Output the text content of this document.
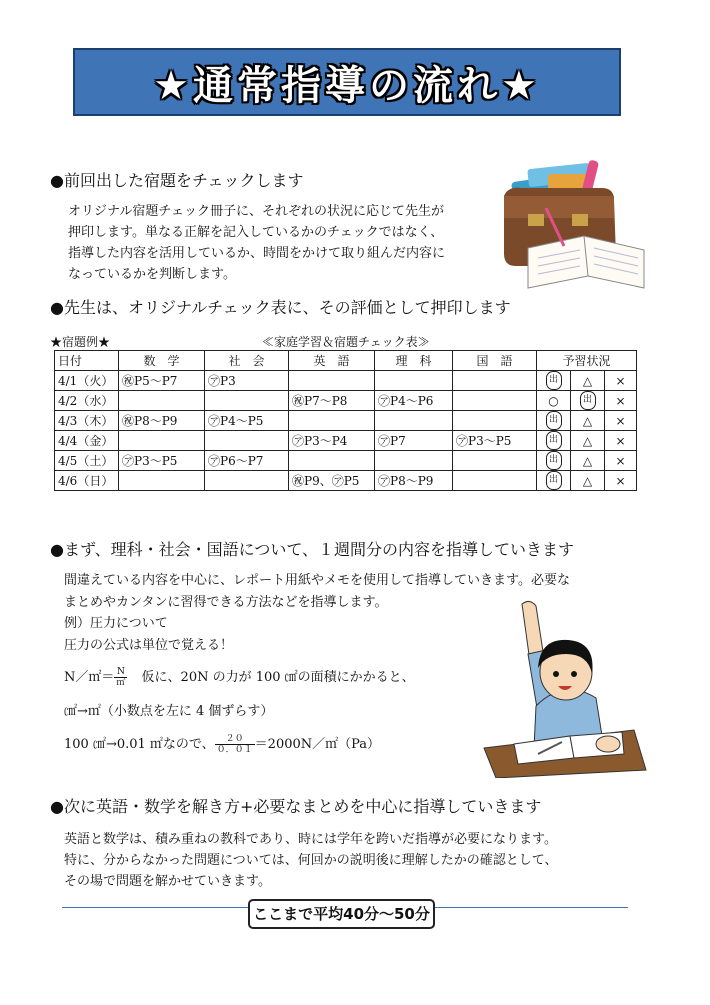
★通常指導の流れ★
●前回出した宿題をチェックします
オリジナル宿題チェック冊子に、それぞれの状況に応じて先生が
押印します。単なる正解を記入しているかのチェックではなく、
指導した内容を活用しているか、時間をかけて取り組んだ内容に
なっているかを判断します。
●先生は、オリジナルチェック表に、その評価として押印します
★宿題例★	≪家庭学習＆宿題チェック表≫
日付	数　学	社　会	英　語	理　科	国　語	予習状況		
4/1（火）	㊗P5～P7	㋐P3				出	△	×
4/2（水）			㊗P7～P8	㋐P4～P6		○	出	×
4/3（木）	㊗P8～P9	㋐P4～P5				出	△	×
4/4（金）			㋐P3～P4	㋐P7	㋐P3～P5	出	△	×
4/5（土）	㋐P3～P5	㋐P6～P7				出	△	×
4/6（日）			㊗P9、㋐P5	㋐P8～P9		出	△	×
●まず、理科・社会・国語について、１週間分の内容を指導していきます
間違えている内容を中心に、レポート用紙やメモを使用して指導していきます。必要な
まとめやカンタンに習得できる方法などを指導します。
例）圧力について
圧力の公式は単位で覚える！
N／㎡＝ $\frac{N}{㎡}$ 仮に、20N の力が 100 ㎠の面積にかかると、
㎠→㎡（小数点を左に 4 個ずらす）
100 ㎠→0.01 ㎡なので、 $\frac{20}{0.01}$ ＝2000N／㎡（Pa）
●次に英語・数学を解き方+必要なまとめを中心に指導していきます
英語と数学は、積み重ねの教科であり、時には学年を跨いだ指導が必要になります。
特に、分からなかった問題については、何回かの説明後に理解したかの確認として、
その場で問題を解かせていきます。
ここまで平均40分～50分
